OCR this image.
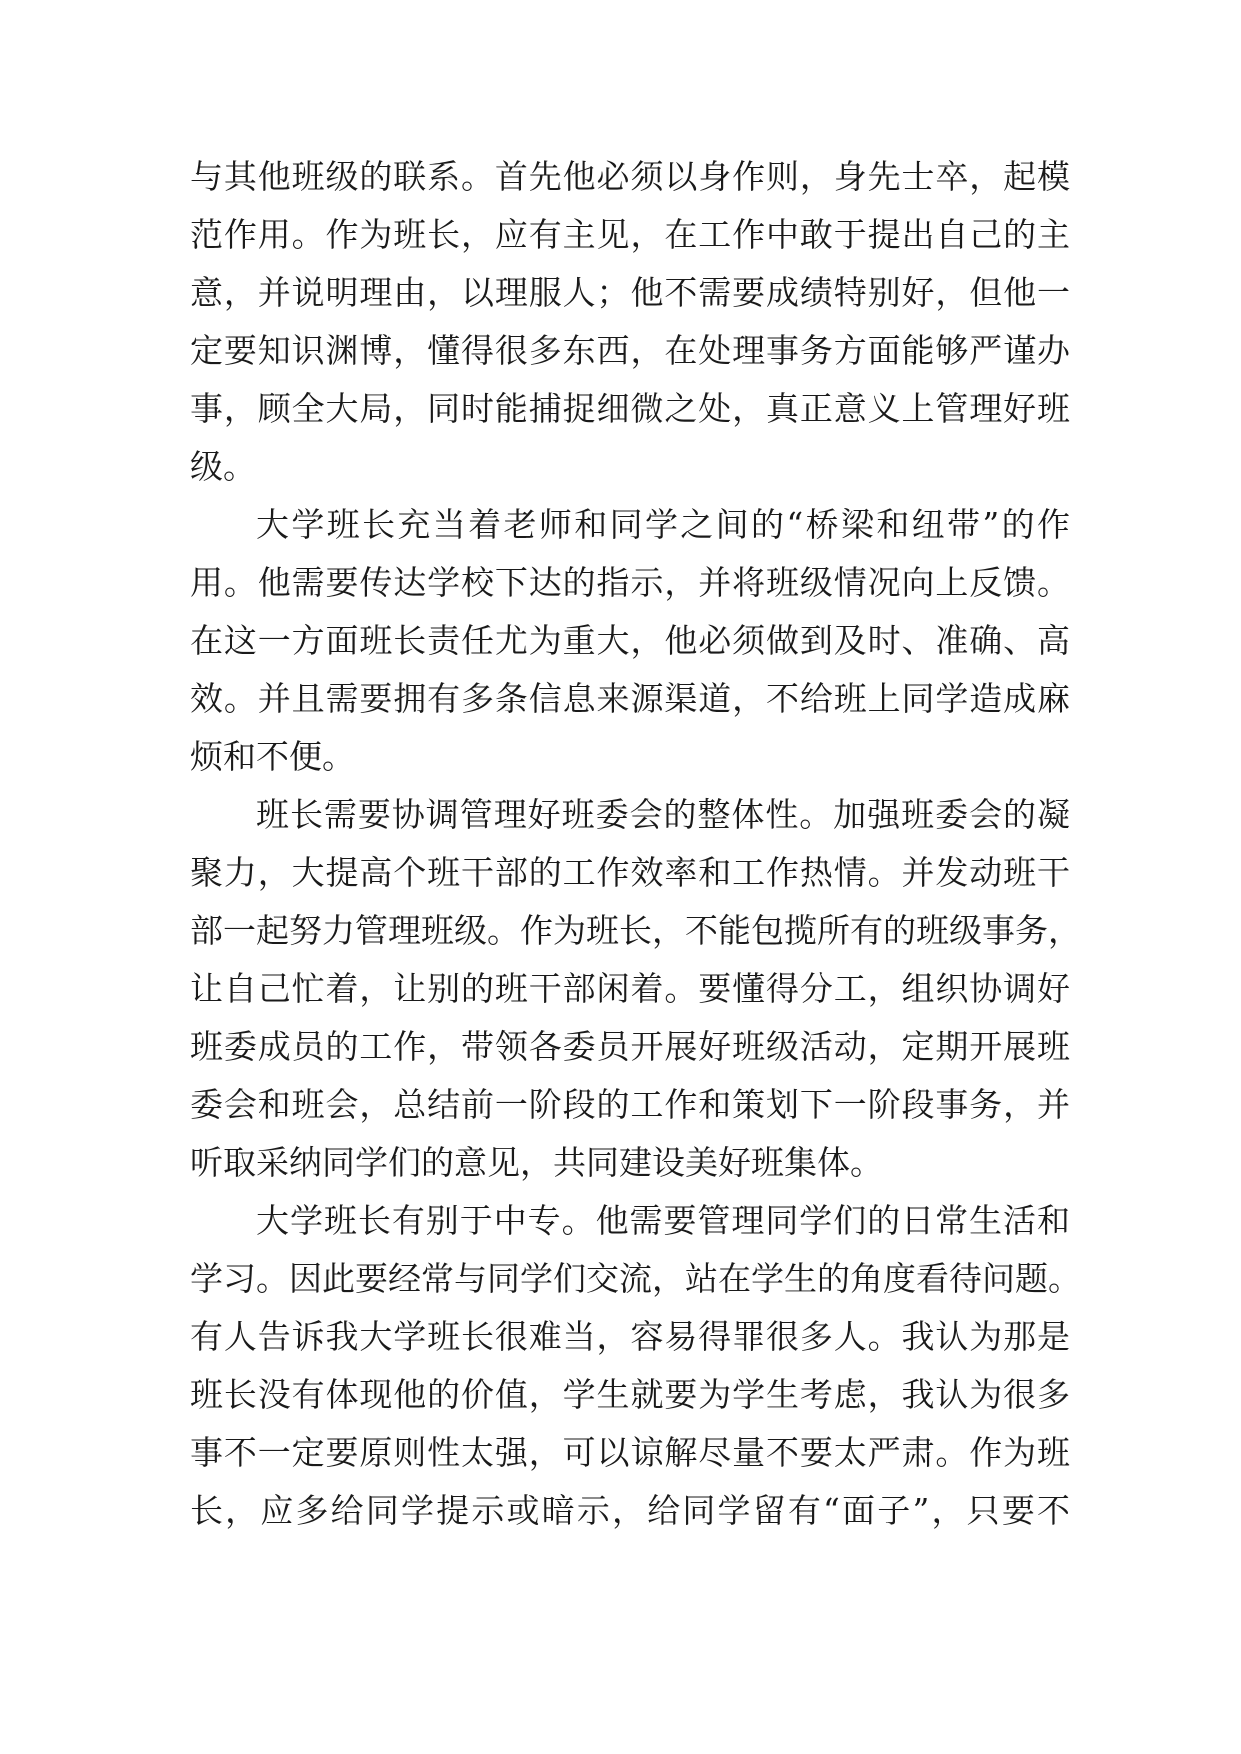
与其他班级的联系。首先他必须以身作则，身先士卒，起模
范作用。作为班长，应有主见，在工作中敢于提出自己的主
意，并说明理由，以理服人；他不需要成绩特别好，但他一
定要知识渊博，懂得很多东西，在处理事务方面能够严谨办
事，顾全大局，同时能捕捉细微之处，真正意义上管理好班
级。
大学班长充当着老师和同学之间的“桥梁和纽带”的作
用。他需要传达学校下达的指示，并将班级情况向上反馈。
在这一方面班长责任尤为重大，他必须做到及时、准确、高
效。并且需要拥有多条信息来源渠道，不给班上同学造成麻
烦和不便。
班长需要协调管理好班委会的整体性。加强班委会的凝
聚力，大提高个班干部的工作效率和工作热情。并发动班干
部一起努力管理班级。作为班长，不能包揽所有的班级事务，
让自己忙着，让别的班干部闲着。要懂得分工，组织协调好
班委成员的工作，带领各委员开展好班级活动，定期开展班
委会和班会，总结前一阶段的工作和策划下一阶段事务，并
听取采纳同学们的意见，共同建设美好班集体。
大学班长有别于中专。他需要管理同学们的日常生活和
学习。因此要经常与同学们交流，站在学生的角度看待问题。
有人告诉我大学班长很难当，容易得罪很多人。我认为那是
班长没有体现他的价值，学生就要为学生考虑，我认为很多
事不一定要原则性太强，可以谅解尽量不要太严肃。作为班
长，应多给同学提示或暗示，给同学留有“面子”，只要不
